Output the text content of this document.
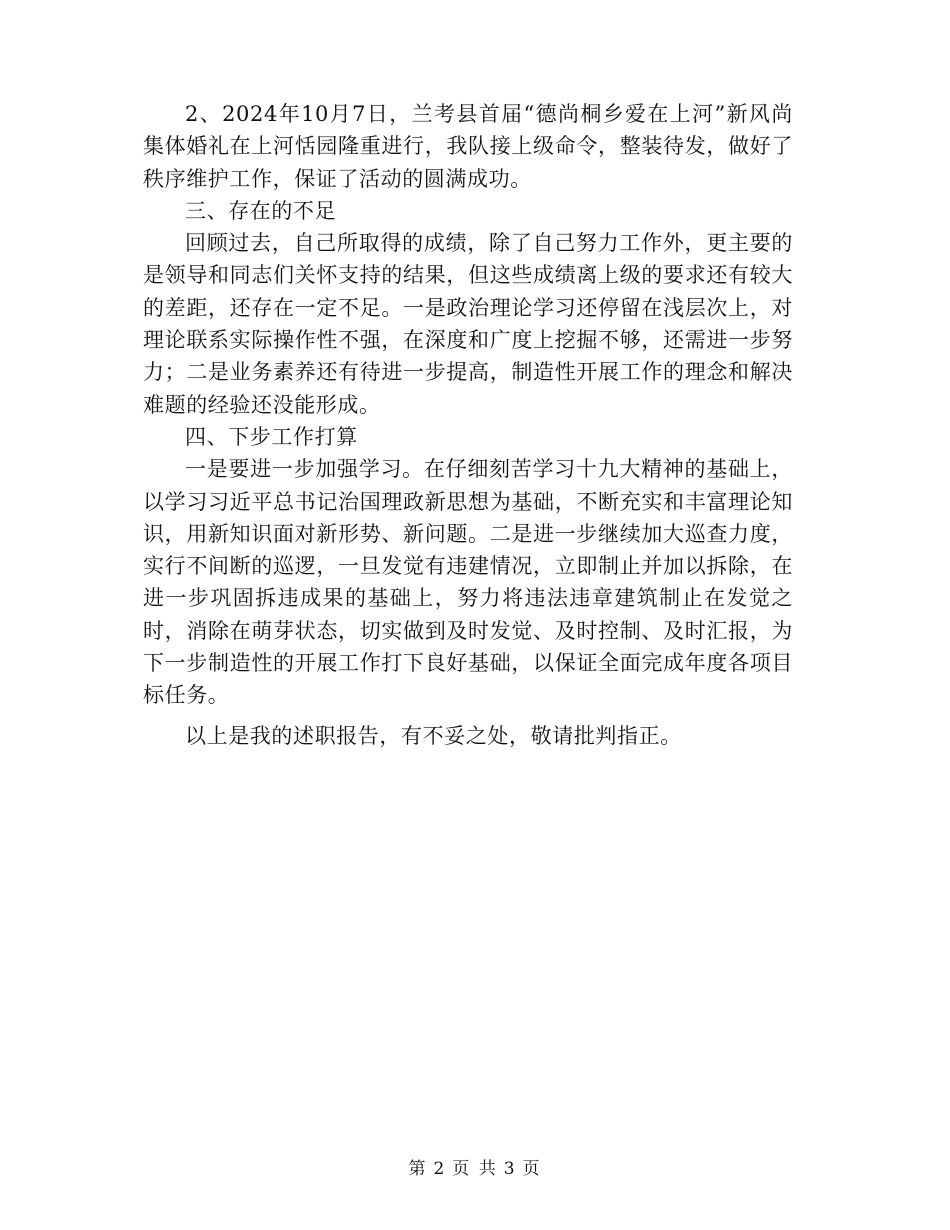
2、2024年10月7日，兰考县首届“德尚桐乡爱在上河”新风尚集体婚礼在上河恬园隆重进行，我队接上级命令，整装待发，做好了秩序维护工作，保证了活动的圆满成功。

三、存在的不足

回顾过去，自己所取得的成绩，除了自己努力工作外，更主要的是领导和同志们关怀支持的结果，但这些成绩离上级的要求还有较大的差距，还存在一定不足。一是政治理论学习还停留在浅层次上，对理论联系实际操作性不强，在深度和广度上挖掘不够，还需进一步努力；二是业务素养还有待进一步提高，制造性开展工作的理念和解决难题的经验还没能形成。

四、下步工作打算

一是要进一步加强学习。在仔细刻苦学习十九大精神的基础上，以学习习近平总书记治国理政新思想为基础，不断充实和丰富理论知识，用新知识面对新形势、新问题。二是进一步继续加大巡查力度，实行不间断的巡逻，一旦发觉有违建情况，立即制止并加以拆除，在进一步巩固拆违成果的基础上，努力将违法违章建筑制止在发觉之时，消除在萌芽状态，切实做到及时发觉、及时控制、及时汇报，为下一步制造性的开展工作打下良好基础，以保证全面完成年度各项目标任务。

以上是我的述职报告，有不妥之处，敬请批判指正。

第 2 页 共 3 页
